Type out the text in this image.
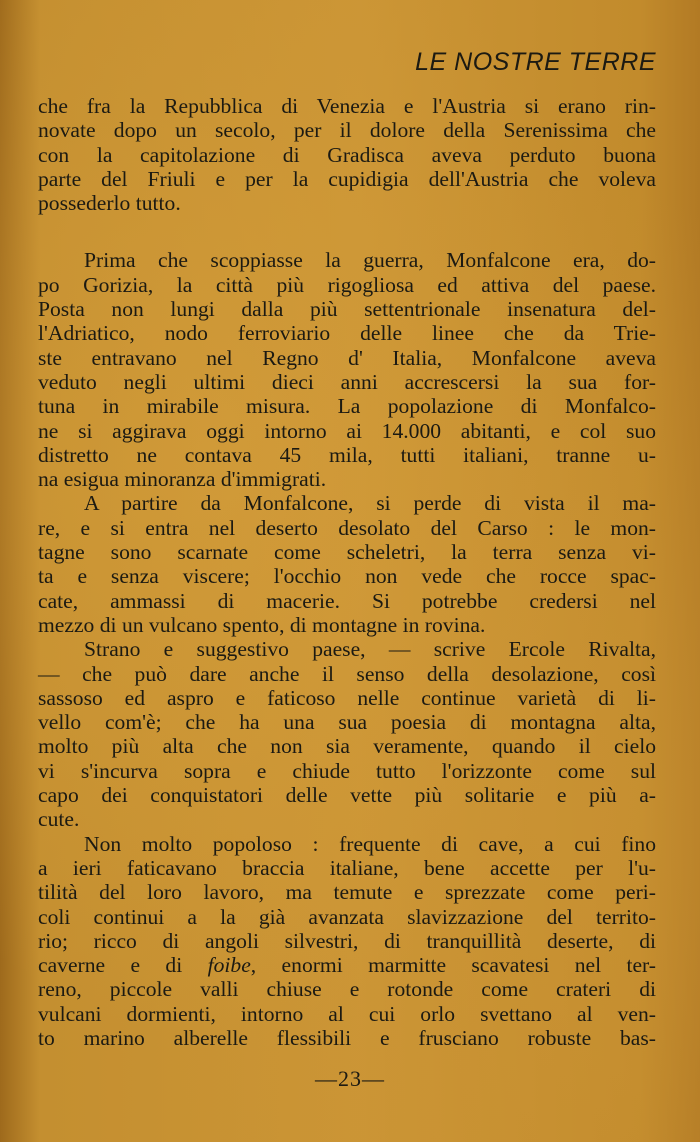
LE NOSTRE TERRE
che fra la Repubblica di Venezia e l'Austria si erano rin-
novate dopo un secolo, per il dolore della Serenissima che
con la capitolazione di Gradisca aveva perduto buona
parte del Friuli e per la cupidigia dell'Austria che voleva
possederlo tutto.
Prima che scoppiasse la guerra, Monfalcone era, do-
po Gorizia, la città più rigogliosa ed attiva del paese.
Posta non lungi dalla più settentrionale insenatura del-
l'Adriatico, nodo ferroviario delle linee che da Trie-
ste entravano nel Regno d' Italia, Monfalcone aveva
veduto negli ultimi dieci anni accrescersi la sua for-
tuna in mirabile misura. La popolazione di Monfalco-
ne si aggirava oggi intorno ai 14.000 abitanti, e col suo
distretto ne contava 45 mila, tutti italiani, tranne u-
na esigua minoranza d'immigrati.
A partire da Monfalcone, si perde di vista il ma-
re, e si entra nel deserto desolato del Carso : le mon-
tagne sono scarnate come scheletri, la terra senza vi-
ta e senza viscere; l'occhio non vede che rocce spac-
cate, ammassi di macerie. Si potrebbe credersi nel
mezzo di un vulcano spento, di montagne in rovina.
Strano e suggestivo paese, — scrive Ercole Rivalta,
— che può dare anche il senso della desolazione, così
sassoso ed aspro e faticoso nelle continue varietà di li-
vello com'è; che ha una sua poesia di montagna alta,
molto più alta che non sia veramente, quando il cielo
vi s'incurva sopra e chiude tutto l'orizzonte come sul
capo dei conquistatori delle vette più solitarie e più a-
cute.
Non molto popoloso : frequente di cave, a cui fino
a ieri faticavano braccia italiane, bene accette per l'u-
tilità del loro lavoro, ma temute e sprezzate come peri-
coli continui a la già avanzata slavizzazione del territo-
rio; ricco di angoli silvestri, di tranquillità deserte, di
caverne e di foibe, enormi marmitte scavatesi nel ter-
reno, piccole valli chiuse e rotonde come crateri di
vulcani dormienti, intorno al cui orlo svettano al ven-
to marino alberelle flessibili e frusciano robuste bas-
—23—
